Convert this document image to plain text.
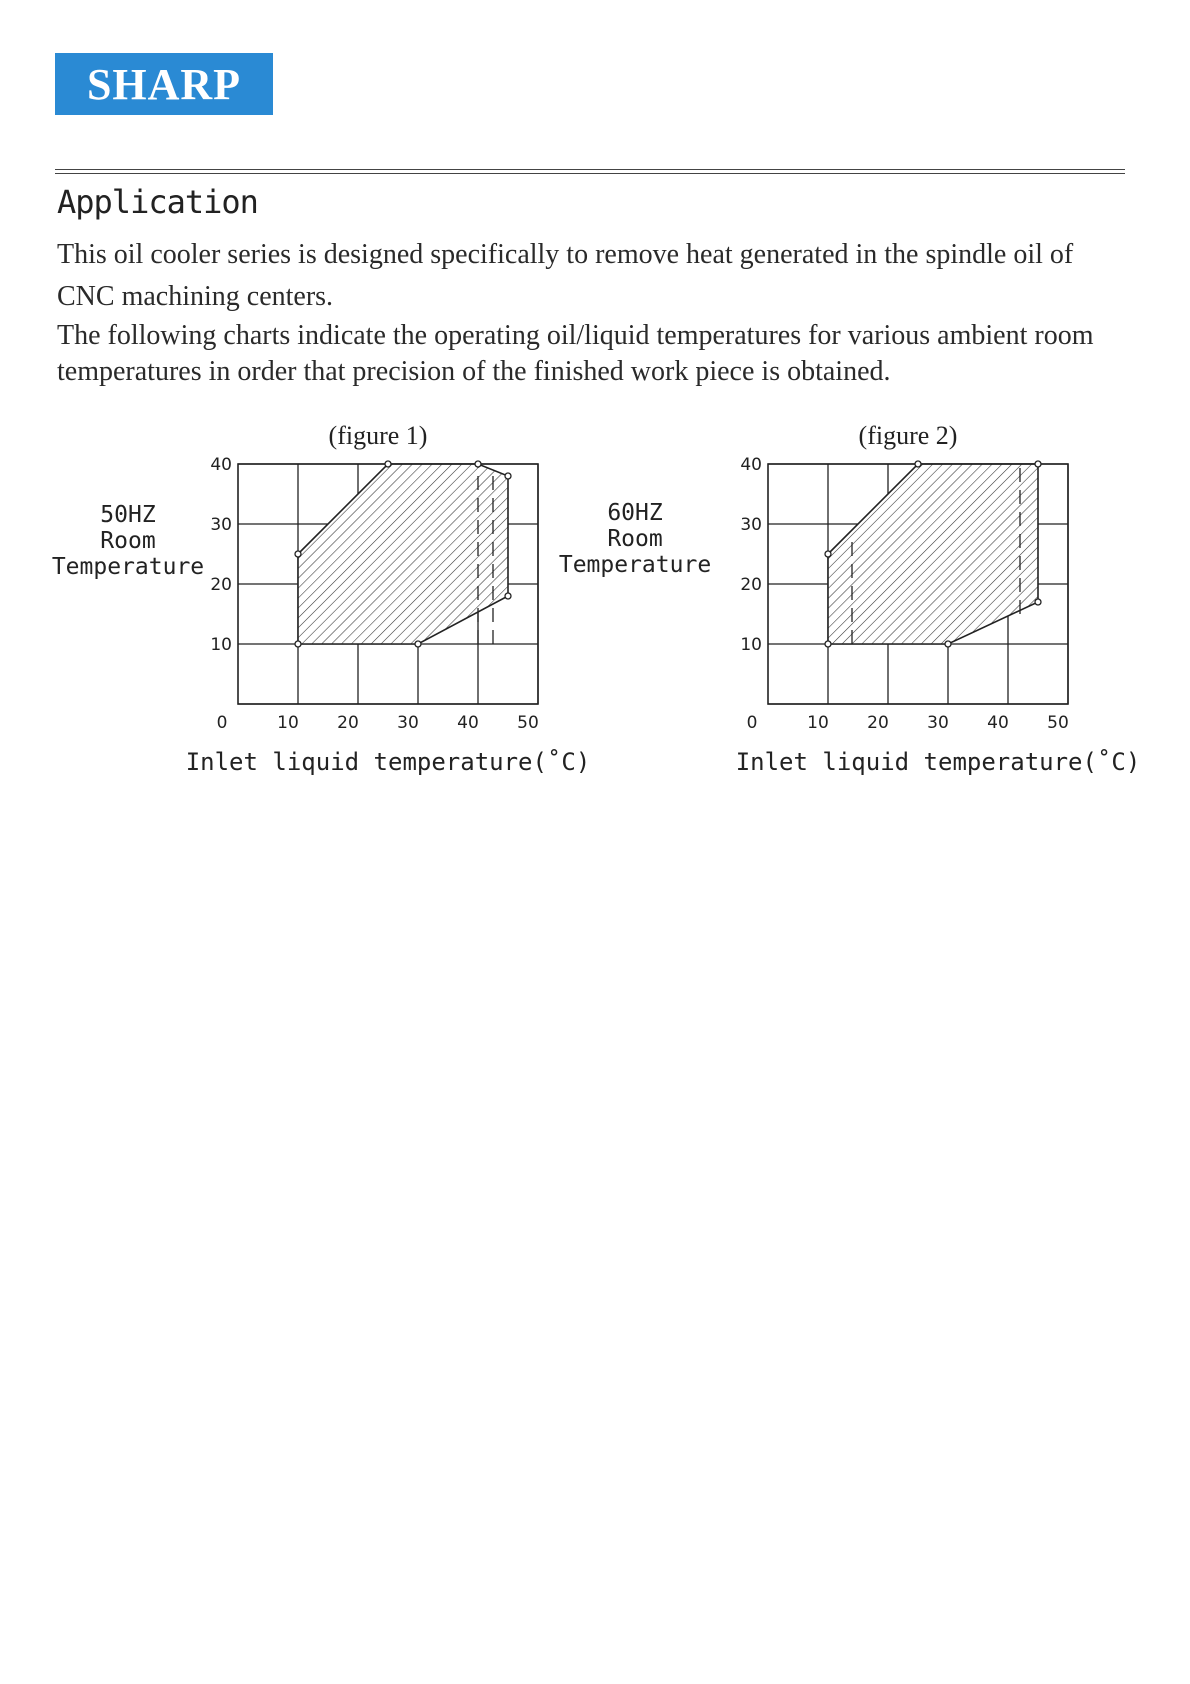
SHARP
Application

This oil cooler series is designed specifically to remove heat generated in the spindle oil of CNC machining centers.

The following charts indicate the operating oil/liquid temperatures for various ambient room temperatures in order that precision of the finished work piece is obtained.

(figure 1)
50HZ
Room
Temperature
0
10
20
30
40
10 20 30 40 50
Inlet liquid temperature(˚C)
(figure 2)
60HZ
Room
Temperature
0
10
20
30
40
10 20 30 40 50
Inlet liquid temperature(˚C)
